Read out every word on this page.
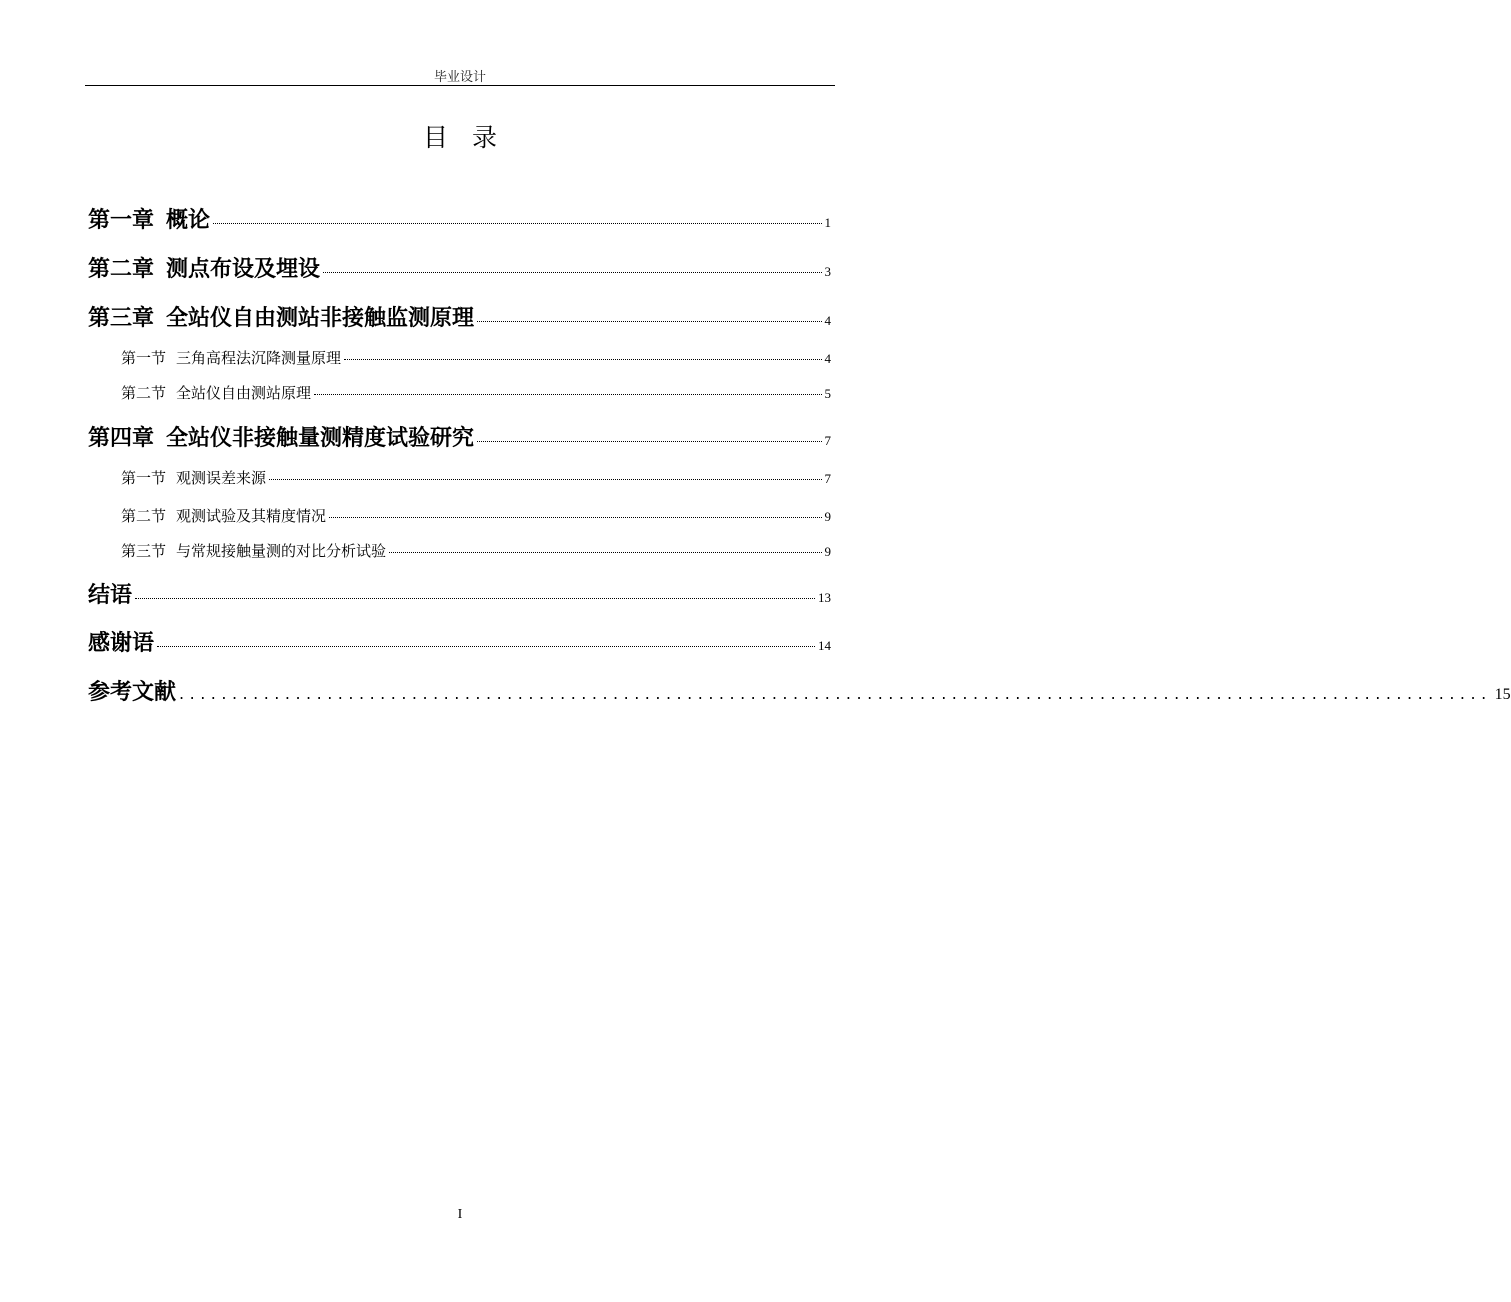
毕业设计
目录
第一章 概论	1
第二章 测点布设及埋设	3
第三章 全站仪自由测站非接触监测原理	4
第一节 三角高程法沉降测量原理	4
第二节 全站仪自由测站原理	5
第四章 全站仪非接触量测精度试验研究	7
第一节 观测误差来源	7
第二节 观测试验及其精度情况	9
第三节 与常规接触量测的对比分析试验	9
结语	13
感谢语	14
参考文献 ............................................................................................................................ 15
I
